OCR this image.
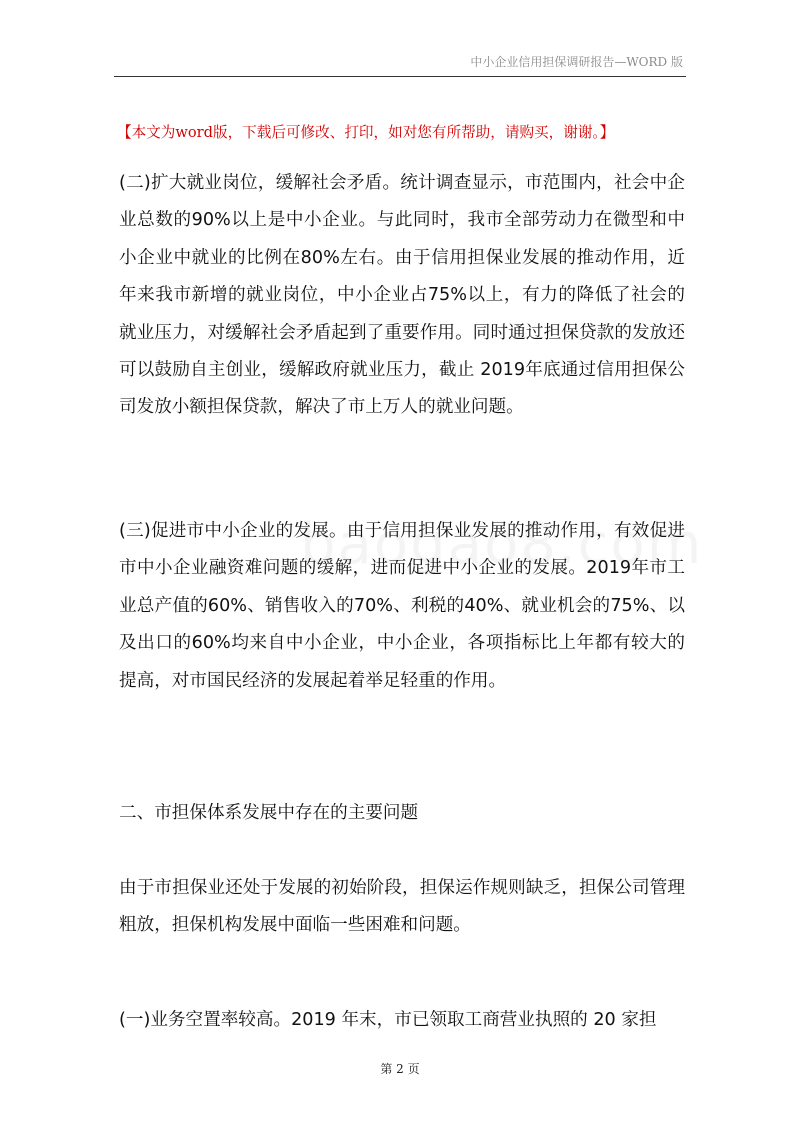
中小企业信用担保调研报告—WORD 版
【本文为word版，下载后可修改、打印，如对您有所帮助，请购买，谢谢。】

(二)扩大就业岗位，缓解社会矛盾。统计调查显示，市范围内，社会中企业总数的90%以上是中小企业。与此同时，我市全部劳动力在微型和中小企业中就业的比例在80%左右。由于信用担保业发展的推动作用，近年来我市新增的就业岗位，中小企业占75%以上，有力的降低了社会的就业压力，对缓解社会矛盾起到了重要作用。同时通过担保贷款的发放还可以鼓励自主创业，缓解政府就业压力，截止 2019年底通过信用担保公司发放小额担保贷款，解决了市上万人的就业问题。

(三)促进市中小企业的发展。由于信用担保业发展的推动作用，有效促进市中小企业融资难问题的缓解，进而促进中小企业的发展。2019年市工业总产值的60%、销售收入的70%、利税的40%、就业机会的75%、以及出口的60%均来自中小企业，中小企业，各项指标比上年都有较大的提高，对市国民经济的发展起着举足轻重的作用。

二、市担保体系发展中存在的主要问题

由于市担保业还处于发展的初始阶段，担保运作规则缺乏，担保公司管理粗放，担保机构发展中面临一些困难和问题。

(一)业务空置率较高。2019 年末，市已领取工商营业执照的 20 家担

第 2 页
